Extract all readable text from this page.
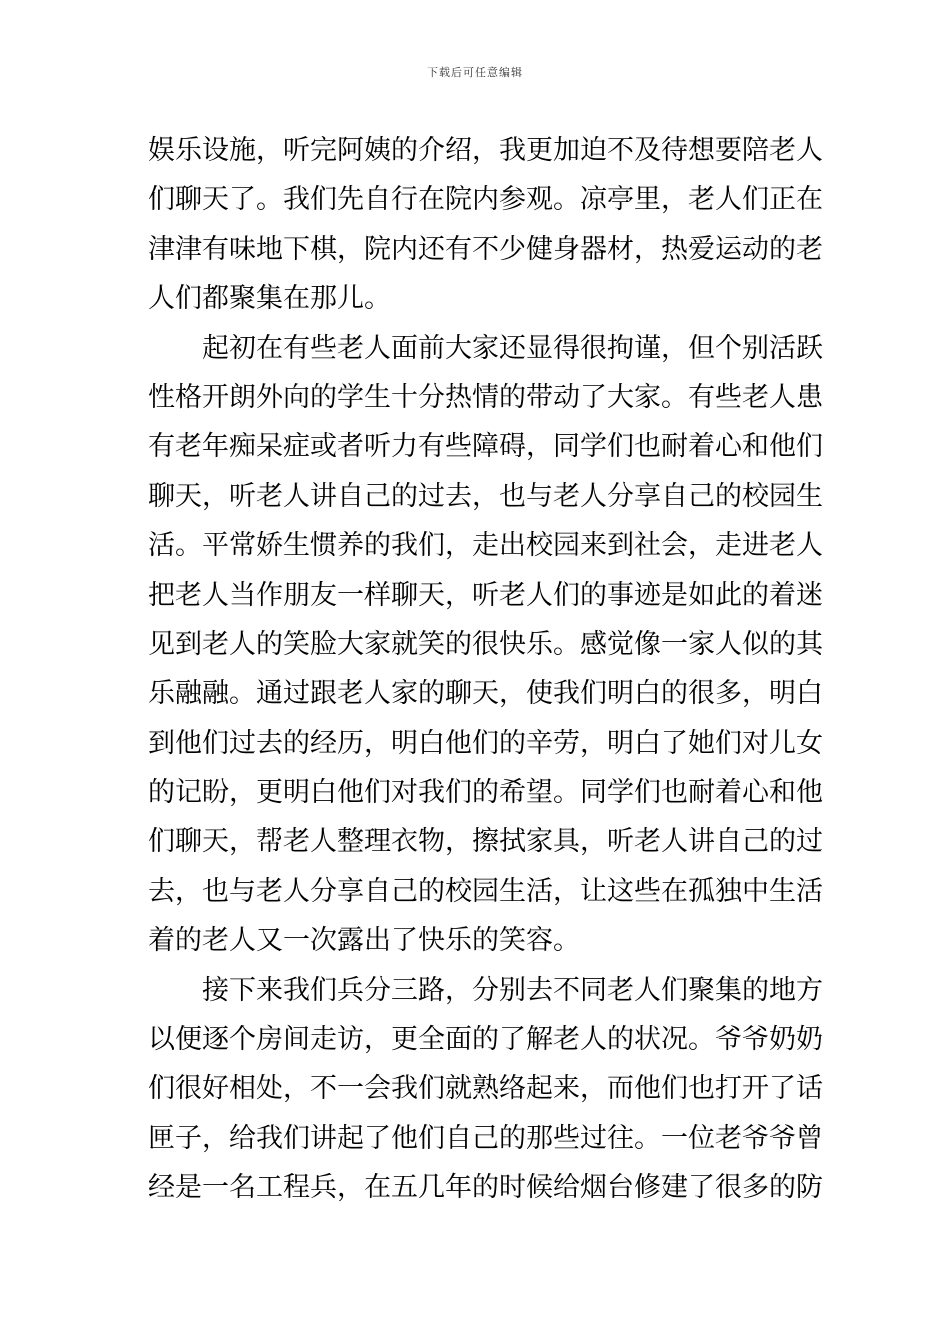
下载后可任意编辑
娱乐设施，听完阿姨的介绍，我更加迫不及待想要陪老人
们聊天了。我们先自行在院内参观。凉亭里，老人们正在
津津有味地下棋，院内还有不少健身器材，热爱运动的老
人们都聚集在那儿。
起初在有些老人面前大家还显得很拘谨，但个别活跃
性格开朗外向的学生十分热情的带动了大家。有些老人患
有老年痴呆症或者听力有些障碍，同学们也耐着心和他们
聊天，听老人讲自己的过去，也与老人分享自己的校园生
活。平常娇生惯养的我们，走出校园来到社会，走进老人
把老人当作朋友一样聊天，听老人们的事迹是如此的着迷
见到老人的笑脸大家就笑的很快乐。感觉像一家人似的其
乐融融。通过跟老人家的聊天，使我们明白的很多，明白
到他们过去的经历，明白他们的辛劳，明白了她们对儿女
的记盼，更明白他们对我们的希望。同学们也耐着心和他
们聊天，帮老人整理衣物，擦拭家具，听老人讲自己的过
去，也与老人分享自己的校园生活，让这些在孤独中生活
着的老人又一次露出了快乐的笑容。
接下来我们兵分三路，分别去不同老人们聚集的地方
以便逐个房间走访，更全面的了解老人的状况。爷爷奶奶
们很好相处，不一会我们就熟络起来，而他们也打开了话
匣子，给我们讲起了他们自己的那些过往。一位老爷爷曾
经是一名工程兵，在五几年的时候给烟台修建了很多的防
